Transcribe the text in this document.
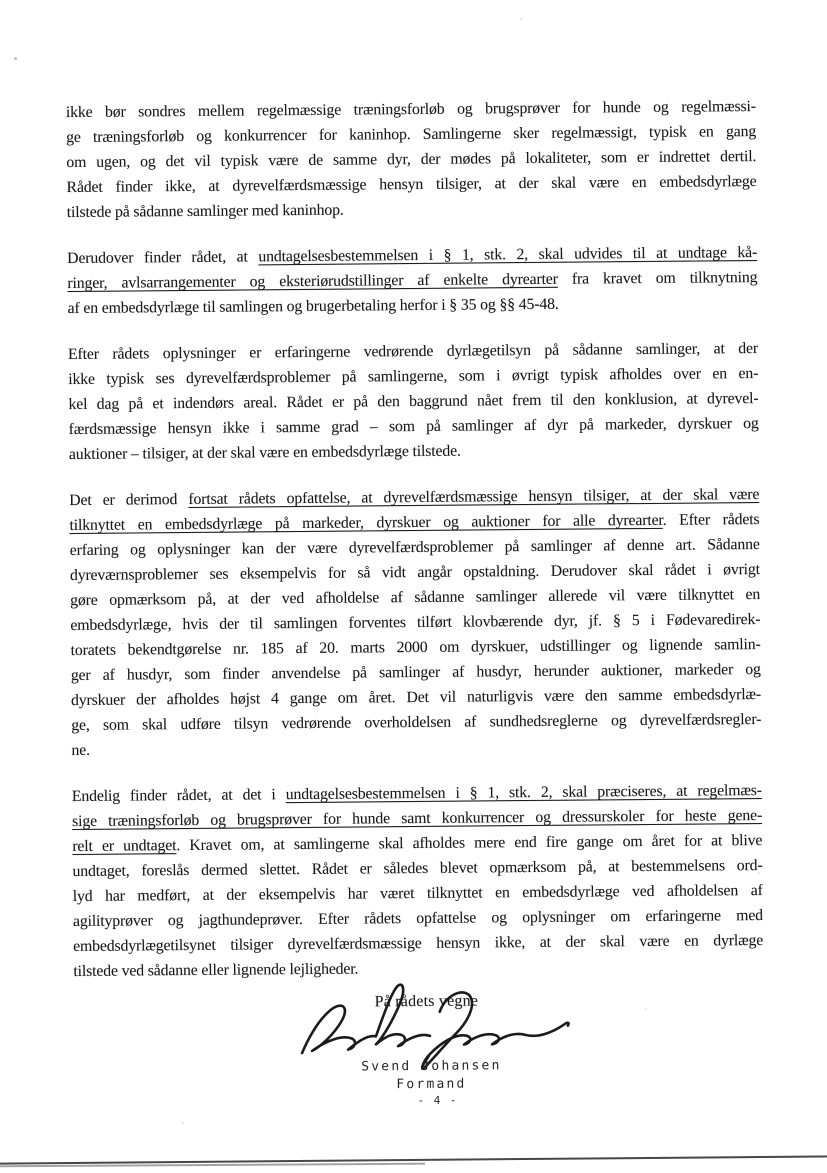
ikke bør sondres mellem regelmæssige træningsforløb og brugsprøver for hunde og regelmæssi-
ge træningsforløb og konkurrencer for kaninhop. Samlingerne sker regelmæssigt, typisk en gang
om ugen, og det vil typisk være de samme dyr, der mødes på lokaliteter, som er indrettet dertil.
Rådet finder ikke, at dyrevelfærdsmæssige hensyn tilsiger, at der skal være en embedsdyrlæge
tilstede på sådanne samlinger med kaninhop.
Derudover finder rådet, at undtagelsesbestemmelsen i § 1, stk. 2, skal udvides til at undtage kå-
ringer, avlsarrangementer og eksteriørudstillinger af enkelte dyrearter fra kravet om tilknytning
af en embedsdyrlæge til samlingen og brugerbetaling herfor i § 35 og §§ 45-48.
Efter rådets oplysninger er erfaringerne vedrørende dyrlægetilsyn på sådanne samlinger, at der
ikke typisk ses dyrevelfærdsproblemer på samlingerne, som i øvrigt typisk afholdes over en en-
kel dag på et indendørs areal. Rådet er på den baggrund nået frem til den konklusion, at dyrevel-
færdsmæssige hensyn ikke i samme grad – som på samlinger af dyr på markeder, dyrskuer og
auktioner – tilsiger, at der skal være en embedsdyrlæge tilstede.
Det er derimod fortsat rådets opfattelse, at dyrevelfærdsmæssige hensyn tilsiger, at der skal være
tilknyttet en embedsdyrlæge på markeder, dyrskuer og auktioner for alle dyrearter. Efter rådets
erfaring og oplysninger kan der være dyrevelfærdsproblemer på samlinger af denne art. Sådanne
dyreværnsproblemer ses eksempelvis for så vidt angår opstaldning. Derudover skal rådet i øvrigt
gøre opmærksom på, at der ved afholdelse af sådanne samlinger allerede vil være tilknyttet en
embedsdyrlæge, hvis der til samlingen forventes tilført klovbærende dyr, jf. § 5 i Fødevaredirek-
toratets bekendtgørelse nr. 185 af 20. marts 2000 om dyrskuer, udstillinger og lignende samlin-
ger af husdyr, som finder anvendelse på samlinger af husdyr, herunder auktioner, markeder og
dyrskuer der afholdes højst 4 gange om året. Det vil naturligvis være den samme embedsdyrlæ-
ge, som skal udføre tilsyn vedrørende overholdelsen af sundhedsreglerne og dyrevelfærdsregler-
ne.
Endelig finder rådet, at det i undtagelsesbestemmelsen i § 1, stk. 2, skal præciseres, at regelmæs-
sige træningsforløb og brugsprøver for hunde samt konkurrencer og dressurskoler for heste gene-
relt er undtaget. Kravet om, at samlingerne skal afholdes mere end fire gange om året for at blive
undtaget, foreslås dermed slettet. Rådet er således blevet opmærksom på, at bestemmelsens ord-
lyd har medført, at der eksempelvis har været tilknyttet en embedsdyrlæge ved afholdelsen af
agilityprøver og jagthundeprøver. Efter rådets opfattelse og oplysninger om erfaringerne med
embedsdyrlægetilsynet tilsiger dyrevelfærdsmæssige hensyn ikke, at der skal være en dyrlæge
tilstede ved sådanne eller lignende lejligheder.
På rådets vegne
Svend Johansen
Formand
- 4 -
